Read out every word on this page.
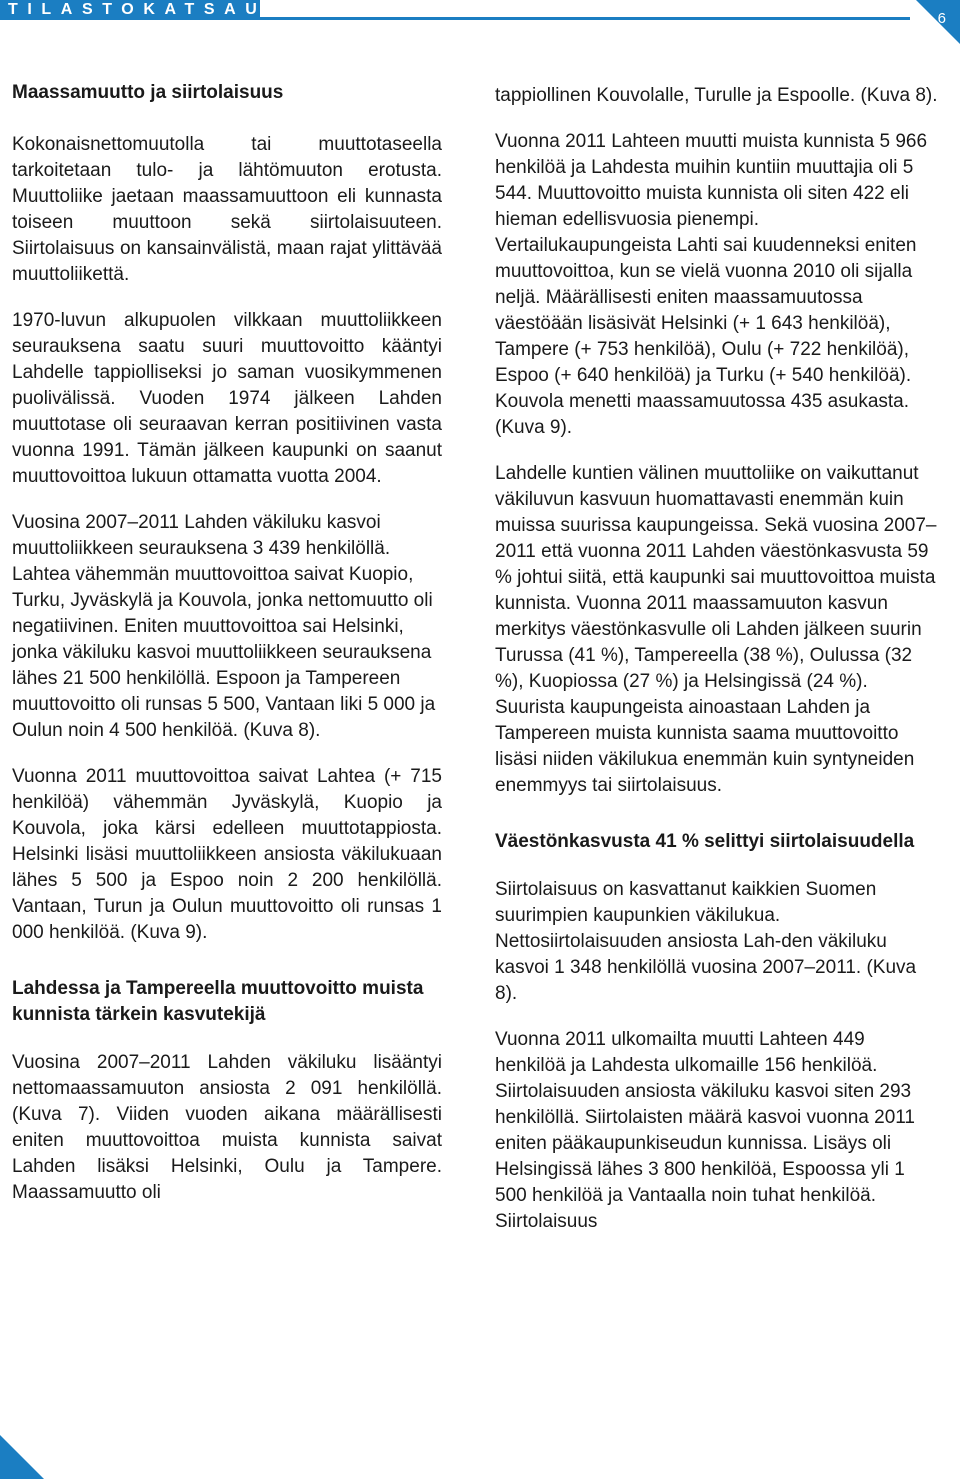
TILASTOKATSAUS
6
Maassamuutto ja siirtolaisuus

Kokonaisnettomuutolla tai muuttotaseella tarkoitetaan tulo- ja lähtömuuton erotusta. Muuttoliike jaetaan maassamuuttoon eli kunnasta toiseen muuttoon sekä siirtolaisuuteen. Siirtolaisuus on kansainvälistä, maan rajat ylittävää muuttoliikettä.

1970-luvun alkupuolen vilkkaan muuttoliikkeen seurauksena saatu suuri muuttovoitto kääntyi Lahdelle tappiolliseksi jo saman vuosikymmenen puolivälissä. Vuoden 1974 jälkeen Lahden muuttotase oli seuraavan kerran positiivinen vasta vuonna 1991. Tämän jälkeen kaupunki on saanut muuttovoittoa lukuun ottamatta vuotta 2004.

Vuosina 2007–2011 Lahden väkiluku kasvoi muuttoliikkeen seurauksena 3 439 henkilöllä. Lahtea vähemmän muuttovoittoa saivat Kuopio, Turku, Jyväskylä ja Kouvola, jonka nettomuutto oli negatiivinen. Eniten muuttovoittoa sai Helsinki, jonka väkiluku kasvoi muuttoliikkeen seurauksena lähes 21 500 henkilöllä. Espoon ja Tampereen muuttovoitto oli runsas 5 500, Vantaan liki 5 000 ja Oulun noin 4 500 henkilöä. (Kuva 8).

Vuonna 2011 muuttovoittoa saivat Lahtea (+ 715 henkilöä) vähemmän Jyväskylä, Kuopio ja Kouvola, joka kärsi edelleen muuttotappiosta. Helsinki lisäsi muuttoliikkeen ansiosta väkilukuaan lähes 5 500 ja Espoo noin 2 200 henkilöllä. Vantaan, Turun ja Oulun muuttovoitto oli runsas 1 000 henkilöä. (Kuva 9).

Lahdessa ja Tampereella muuttovoitto muista kunnista tärkein kasvutekijä

Vuosina 2007–2011 Lahden väkiluku lisääntyi nettomaassamuuton ansiosta 2 091 henkilöllä. (Kuva 7). Viiden vuoden aikana määrällisesti eniten muuttovoittoa muista kunnista saivat Lahden lisäksi Helsinki, Oulu ja Tampere. Maassamuutto oli

tappiollinen Kouvolalle, Turulle ja Espoolle. (Kuva 8).

Vuonna 2011 Lahteen muutti muista kunnista 5 966 henkilöä ja Lahdesta muihin kuntiin muuttajia oli 5 544. Muuttovoitto muista kunnista oli siten 422 eli hieman edellisvuosia pienempi. Vertailukaupungeista Lahti sai kuudenneksi eniten muuttovoittoa, kun se vielä vuonna 2010 oli sijalla neljä. Määrällisesti eniten maassamuutossa väestöään lisäsivät Helsinki (+ 1 643 henkilöä), Tampere (+ 753 henkilöä), Oulu (+ 722 henkilöä), Espoo (+ 640 henkilöä) ja Turku (+ 540 henkilöä). Kouvola menetti maassamuutossa 435 asukasta. (Kuva 9).

Lahdelle kuntien välinen muuttoliike on vaikuttanut väkiluvun kasvuun huomattavasti enemmän kuin muissa suurissa kaupungeissa. Sekä vuosina 2007–2011 että vuonna 2011 Lahden väestönkasvusta 59 % johtui siitä, että kaupunki sai muuttovoittoa muista kunnista. Vuonna 2011 maassamuuton kasvun merkitys väestönkasvulle oli Lahden jälkeen suurin Turussa (41 %), Tampereella (38 %), Oulussa (32 %), Kuopiossa (27 %) ja Helsingissä (24 %). Suurista kaupungeista ainoastaan Lahden ja Tampereen muista kunnista saama muuttovoitto lisäsi niiden väkilukua enemmän kuin syntyneiden enemmyys tai siirtolaisuus.

Väestönkasvusta 41 % selittyi siirtolaisuudella

Siirtolaisuus on kasvattanut kaikkien Suomen suurimpien kaupunkien väkilukua. Nettosiirtolaisuuden ansiosta Lah-den väkiluku kasvoi 1 348 henkilöllä vuosina 2007–2011. (Kuva 8).

Vuonna 2011 ulkomailta muutti Lahteen 449 henkilöä ja Lahdesta ulkomaille 156 henkilöä. Siirtolaisuuden ansiosta väkiluku kasvoi siten 293 henkilöllä. Siirtolaisten määrä kasvoi vuonna 2011 eniten pääkaupunkiseudun kunnissa. Lisäys oli Helsingissä lähes 3 800 henkilöä, Espoossa yli 1 500 henkilöä ja Vantaalla noin tuhat henkilöä. Siirtolaisuus
